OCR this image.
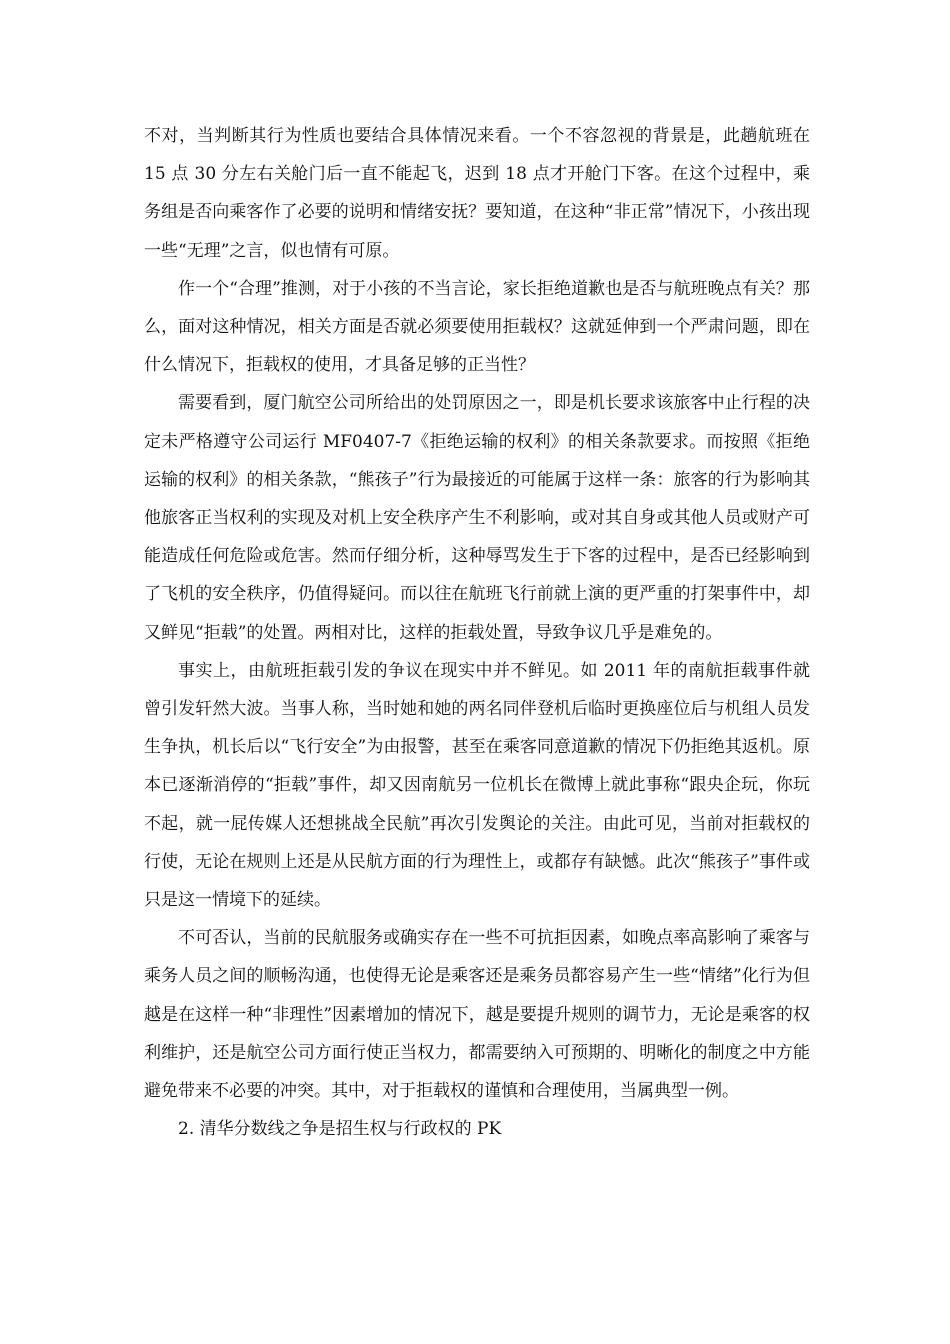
不对，当判断其行为性质也要结合具体情况来看。一个不容忽视的背景是，此趟航班在 15 点 30 分左右关舱门后一直不能起飞，迟到 18 点才开舱门下客。在这个过程中，乘务组是否向乘客作了必要的说明和情绪安抚？要知道，在这种“非正常”情况下，小孩出现一些“无理”之言，似也情有可原。

作一个“合理”推测，对于小孩的不当言论，家长拒绝道歉也是否与航班晚点有关？那么，面对这种情况，相关方面是否就必须要使用拒载权？这就延伸到一个严肃问题，即在什么情况下，拒载权的使用，才具备足够的正当性？

需要看到，厦门航空公司所给出的处罚原因之一，即是机长要求该旅客中止行程的决定未严格遵守公司运行 MF0407-7《拒绝运输的权利》的相关条款要求。而按照《拒绝运输的权利》的相关条款，“熊孩子”行为最接近的可能属于这样一条：旅客的行为影响其他旅客正当权利的实现及对机上安全秩序产生不利影响，或对其自身或其他人员或财产可能造成任何危险或危害。然而仔细分析，这种辱骂发生于下客的过程中，是否已经影响到了飞机的安全秩序，仍值得疑问。而以往在航班飞行前就上演的更严重的打架事件中，却又鲜见“拒载”的处置。两相对比，这样的拒载处置，导致争议几乎是难免的。

事实上，由航班拒载引发的争议在现实中并不鲜见。如 2011 年的南航拒载事件就曾引发轩然大波。当事人称，当时她和她的两名同伴登机后临时更换座位后与机组人员发生争执，机长后以“飞行安全”为由报警，甚至在乘客同意道歉的情况下仍拒绝其返机。原本已逐渐消停的“拒载”事件，却又因南航另一位机长在微博上就此事称“跟央企玩，你玩不起，就一屁传媒人还想挑战全民航”再次引发舆论的关注。由此可见，当前对拒载权的行使，无论在规则上还是从民航方面的行为理性上，或都存有缺憾。此次“熊孩子”事件或只是这一情境下的延续。

不可否认，当前的民航服务或确实存在一些不可抗拒因素，如晚点率高影响了乘客与乘务人员之间的顺畅沟通，也使得无论是乘客还是乘务员都容易产生一些“情绪”化行为但越是在这样一种“非理性”因素增加的情况下，越是要提升规则的调节力，无论是乘客的权利维护，还是航空公司方面行使正当权力，都需要纳入可预期的、明晰化的制度之中方能避免带来不必要的冲突。其中，对于拒载权的谨慎和合理使用，当属典型一例。

2. 清华分数线之争是招生权与行政权的 PK
